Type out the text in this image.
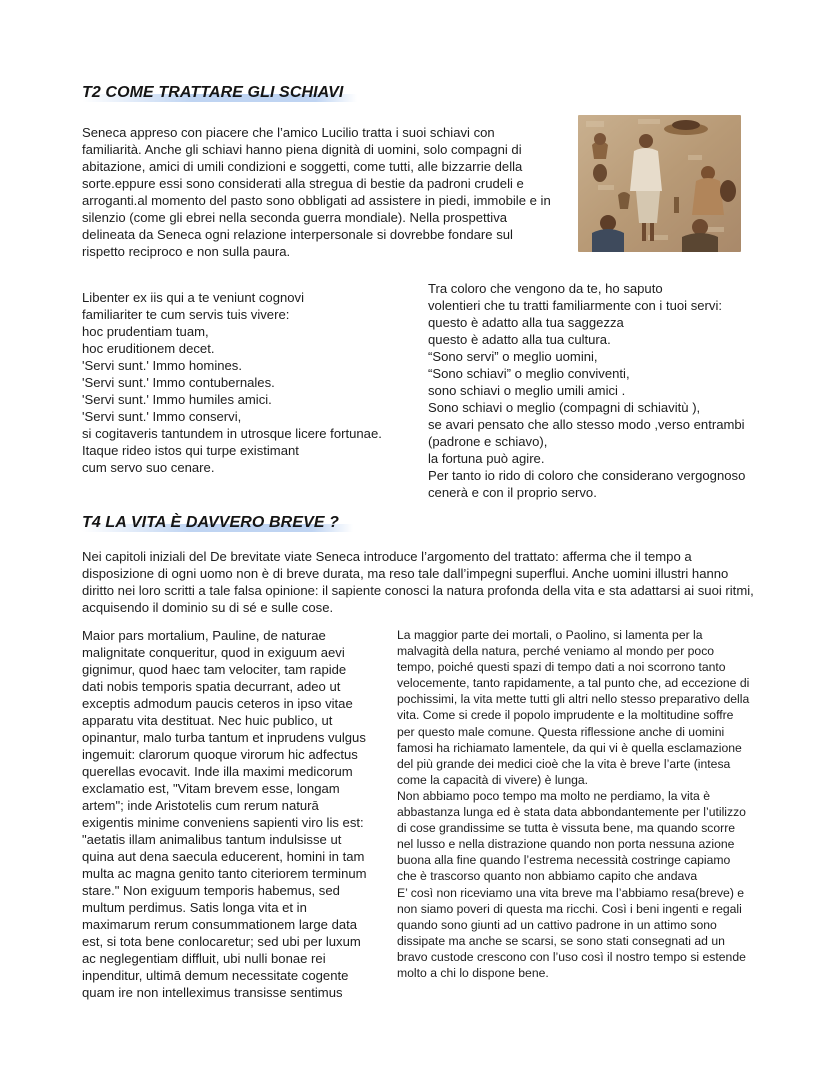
T2 COME TRATTARE GLI SCHIAVI

Seneca appreso con piacere che l’amico Lucilio tratta i suoi schiavi con familiarità. Anche gli schiavi hanno piena dignità di uomini, solo compagni di abitazione, amici di umili condizioni e soggetti, come tutti, alle bizzarrie della sorte.eppure essi sono considerati alla stregua di bestie da padroni crudeli e arroganti.al momento del pasto sono obbligati ad assistere in piedi, immobile e in silenzio (come gli ebrei nella seconda guerra mondiale). Nella prospettiva delineata da Seneca ogni relazione interpersonale si dovrebbe fondare sul rispetto reciproco e non sulla paura.

Libenter ex iis qui a te veniunt cognovi
familiariter te cum servis tuis vivere:
hoc prudentiam tuam,
hoc eruditionem decet.
'Servi sunt.' Immo homines.
'Servi sunt.' Immo contubernales.
'Servi sunt.' Immo humiles amici.
'Servi sunt.' Immo conservi,
si cogitaveris tantundem in utrosque licere fortunae.
Itaque rideo istos qui turpe existimant
cum servo suo cenare.
Tra coloro che vengono da te, ho saputo
volentieri che tu tratti familiarmente con i tuoi servi:
questo è adatto alla tua saggezza
questo è adatto alla tua cultura.
“Sono servi” o meglio uomini,
“Sono schiavi” o meglio conviventi,
sono schiavi o meglio umili amici .
Sono schiavi o meglio (compagni di schiavitù ),
se avari pensato che allo stesso modo ,verso entrambi
(padrone e schiavo),
la fortuna può agire.
Per tanto io rido di coloro che considerano vergognoso
cenerà e con il proprio servo.
T4 LA VITA È DAVVERO BREVE ?

Nei capitoli iniziali del De brevitate viate Seneca introduce l’argomento del trattato: afferma che il tempo a disposizione di ogni uomo non è di breve durata, ma reso tale dall’impegni superflui. Anche uomini illustri hanno diritto nei loro scritti a tale falsa opinione: il sapiente conosci la natura profonda della vita e sta adattarsi ai suoi ritmi, acquisendo il dominio su di sé e sulle cose.

Maior pars mortalium, Pauline, de naturae
malignitate conqueritur, quod in exiguum aevi
gignimur, quod haec tam velociter, tam rapide
dati nobis temporis spatia decurrant, adeo ut
exceptis admodum paucis ceteros in ipso vitae
apparatu vita destituat. Nec huic publico, ut
opinantur, malo turba tantum et inprudens vulgus
ingemuit: clarorum quoque virorum hic adfectus
querellas evocavit. Inde illa maximi medicorum
exclamatio est, "Vitam brevem esse, longam
artem"; inde Aristotelis cum rerum naturā
exigentis minime conveniens sapienti viro lis est:
"aetatis illam animalibus tantum indulsisse ut
quina aut dena saecula educerent, homini in tam
multa ac magna genito tanto citeriorem terminum
stare." Non exiguum temporis habemus, sed
multum perdimus. Satis longa vita et in
maximarum rerum consummationem large data
est, si tota bene conlocaretur; sed ubi per luxum
ac neglegentiam diffluit, ubi nulli bonae rei
inpenditur, ultimā demum necessitate cogente
quam ire non intelleximus transisse sentimus
La maggior parte dei mortali, o Paolino, si lamenta per la
malvagità della natura, perché veniamo al mondo per poco
tempo, poiché questi spazi di tempo dati a noi scorrono tanto
velocemente, tanto rapidamente, a tal punto che, ad eccezione di
pochissimi, la vita mette tutti gli altri nello stesso preparativo della
vita. Come si crede il popolo imprudente e la moltitudine soffre
per questo male comune. Questa riflessione anche di uomini
famosi ha richiamato lamentele, da qui vi è quella esclamazione
del più grande dei medici cioè che la vita è breve l’arte (intesa
come la capacità di vivere) è lunga.
Non abbiamo poco tempo ma molto ne perdiamo, la vita è
abbastanza lunga ed è stata data abbondantemente per l’utilizzo
di cose grandissime se tutta è vissuta bene, ma quando scorre
nel lusso e nella distrazione quando non porta nessuna azione
buona alla fine quando l’estrema necessità costringe capiamo
che è trascorso quanto non abbiamo capito che andava
E’ così non riceviamo una vita breve ma l’abbiamo resa(breve) e
non siamo poveri di questa ma ricchi. Così i beni ingenti e regali
quando sono giunti ad un cattivo padrone in un attimo sono
dissipate ma anche se scarsi, se sono stati consegnati ad un
bravo custode crescono con l’uso così il nostro tempo si estende
molto a chi lo dispone bene.
